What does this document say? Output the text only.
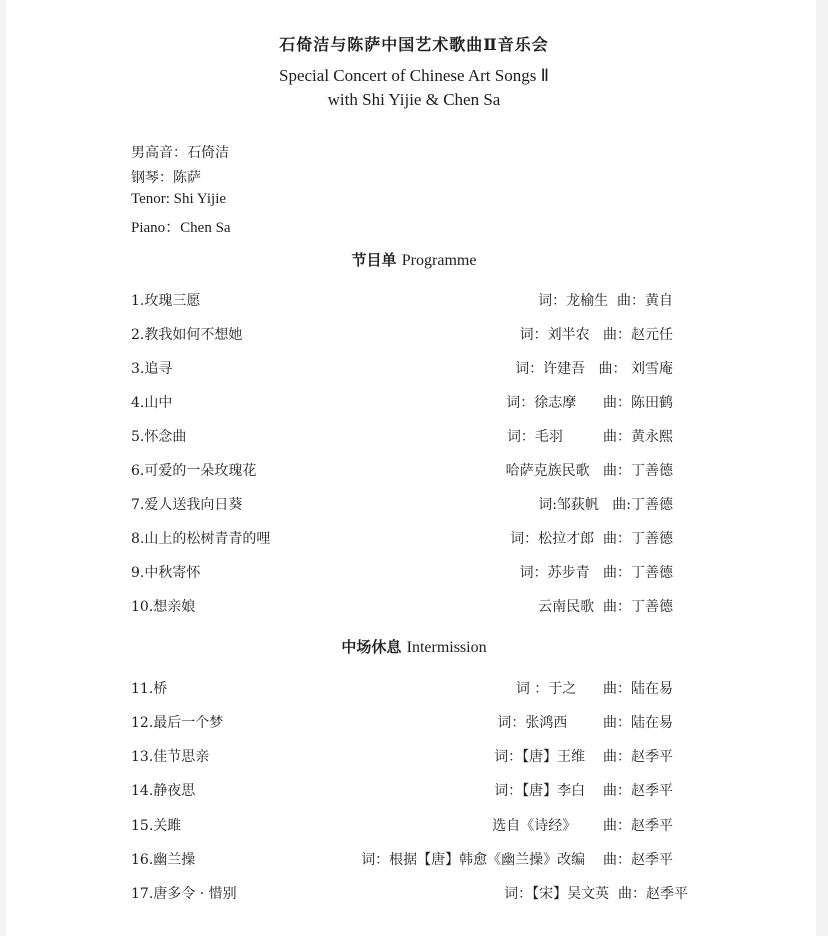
石倚洁与陈萨中国艺术歌曲Ⅱ音乐会
Special Concert of Chinese Art Songs Ⅱ
with Shi Yijie & Chen Sa
男高音：石倚洁
钢琴：陈萨
Tenor: Shi Yijie
Piano：Chen Sa
节目单 Programme
1.玫瑰三愿	词：龙榆生  曲：黄自
2.教我如何不想她	词：刘半农   曲：赵元任
3.追寻	词：许建吾   曲： 刘雪庵
4.山中	词：徐志摩      曲：陈田鹤
5.怀念曲	词：毛羽         曲：黄永熙
6.可爱的一朵玫瑰花	哈萨克族民歌   曲：丁善德
7.爱人送我向日葵	词:邹荻帆   曲:丁善德
8.山上的松树青青的哩	词：松拉才郎  曲：丁善德
9.中秋寄怀	词：苏步青   曲：丁善德
10.想亲娘	云南民歌  曲：丁善德
中场休息 Intermission
11.桥	词 ：于之      曲：陆在易
12.最后一个梦	词：张鸿西        曲：陆在易
13.佳节思亲	词：【唐】王维    曲：赵季平
14.静夜思	词：【唐】李白    曲：赵季平
15.关雎	选自《诗经》      曲：赵季平
16.幽兰操	词：根据【唐】韩愈《幽兰操》改编    曲：赵季平
17.唐多令 · 惜别	词：【宋】吴文英  曲：赵季平
